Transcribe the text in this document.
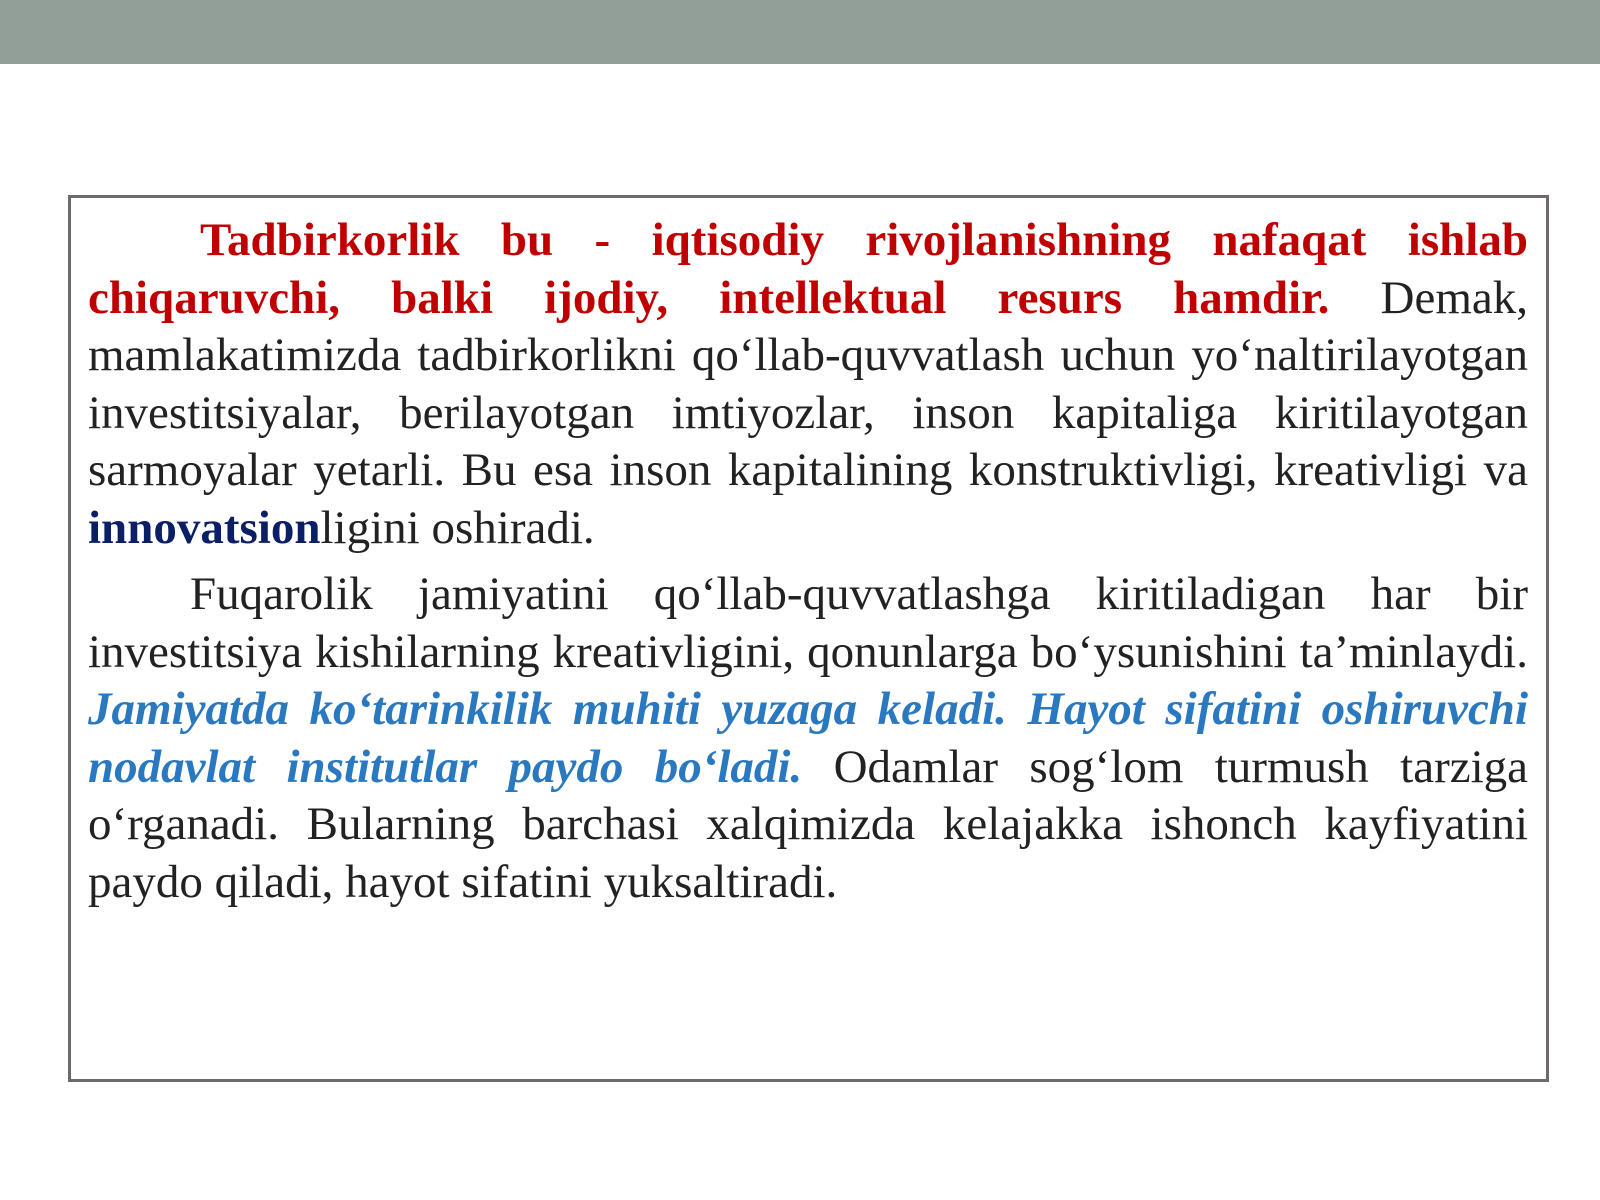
Tadbirkorlik bu - iqtisodiy rivojlanishning nafaqat ishlab chiqaruvchi, balki ijodiy, intellektual resurs hamdir. Demak, mamlakatimizda tadbirkorlikni qo‘llab-quvvatlash uchun yo‘naltirilayotgan investitsiyalar, berilayotgan imtiyozlar, inson kapitaliga kiritilayotgan sarmoyalar yetarli. Bu esa inson kapitalining konstruktivligi, kreativligi va innovatsionligini oshiradi.

Fuqarolik jamiyatini qo‘llab-quvvatlashga kiritiladigan har bir investitsiya kishilarning kreativligini, qonunlarga bo‘ysunishini ta’minlaydi. Jamiyatda ko‘tarinkilik muhiti yuzaga keladi. Hayot sifatini oshiruvchi nodavlat institutlar paydo bo‘ladi. Odamlar sog‘lom turmush tarziga o‘rganadi. Bularning barchasi xalqimizda kelajakka ishonch kayfiyatini paydo qiladi, hayot sifatini yuksaltiradi.
